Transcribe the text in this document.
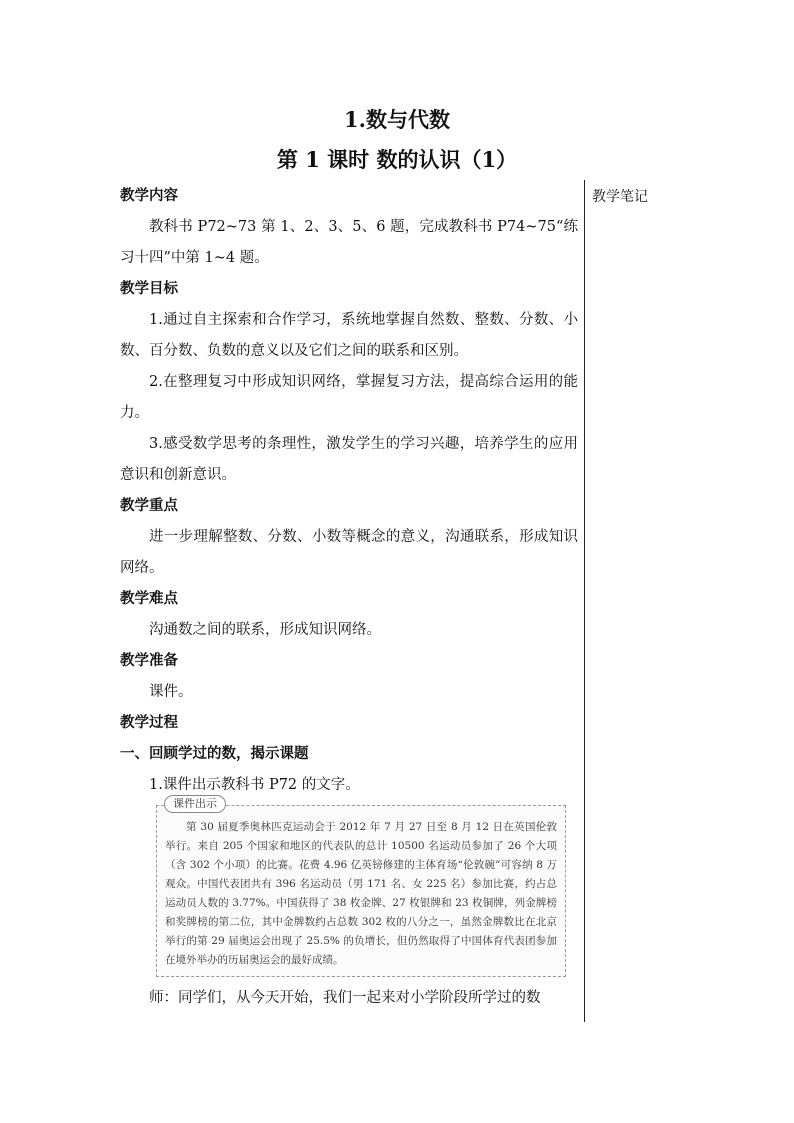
1.数与代数
第 1 课时 数的认识（1）
教学笔记
教学内容
教科书 P72~73 第 1、2、3、5、6 题，完成教科书 P74~75“练习十四”中第 1~4 题。
教学目标
1.通过自主探索和合作学习，系统地掌握自然数、整数、分数、小数、百分数、负数的意义以及它们之间的联系和区别。
2.在整理复习中形成知识网络，掌握复习方法，提高综合运用的能力。
3.感受数学思考的条理性，激发学生的学习兴趣，培养学生的应用意识和创新意识。
教学重点
进一步理解整数、分数、小数等概念的意义，沟通联系，形成知识网络。
教学难点
沟通数之间的联系，形成知识网络。
教学准备
课件。
教学过程
一、回顾学过的数，揭示课题
1.课件出示教科书 P72 的文字。
课件出示
第 30 届夏季奥林匹克运动会于 2012 年 7 月 27 日至 8 月 12 日在英国伦敦举行。来自 205 个国家和地区的代表队的总计 10500 名运动员参加了 26 个大项（含 302 个小项）的比赛。花费 4.96 亿英镑修建的主体育场“伦敦碗”可容纳 8 万观众。中国代表团共有 396 名运动员（男 171 名、女 225 名）参加比赛，约占总运动员人数的 3.77%。中国获得了 38 枚金牌、27 枚银牌和 23 枚铜牌，列金牌榜和奖牌榜的第二位，其中金牌数约占总数 302 枚的八分之一，虽然金牌数比在北京举行的第 29 届奥运会出现了 25.5% 的负增长，但仍然取得了中国体育代表团参加在境外举办的历届奥运会的最好成绩。
师：同学们，从今天开始，我们一起来对小学阶段所学过的数
